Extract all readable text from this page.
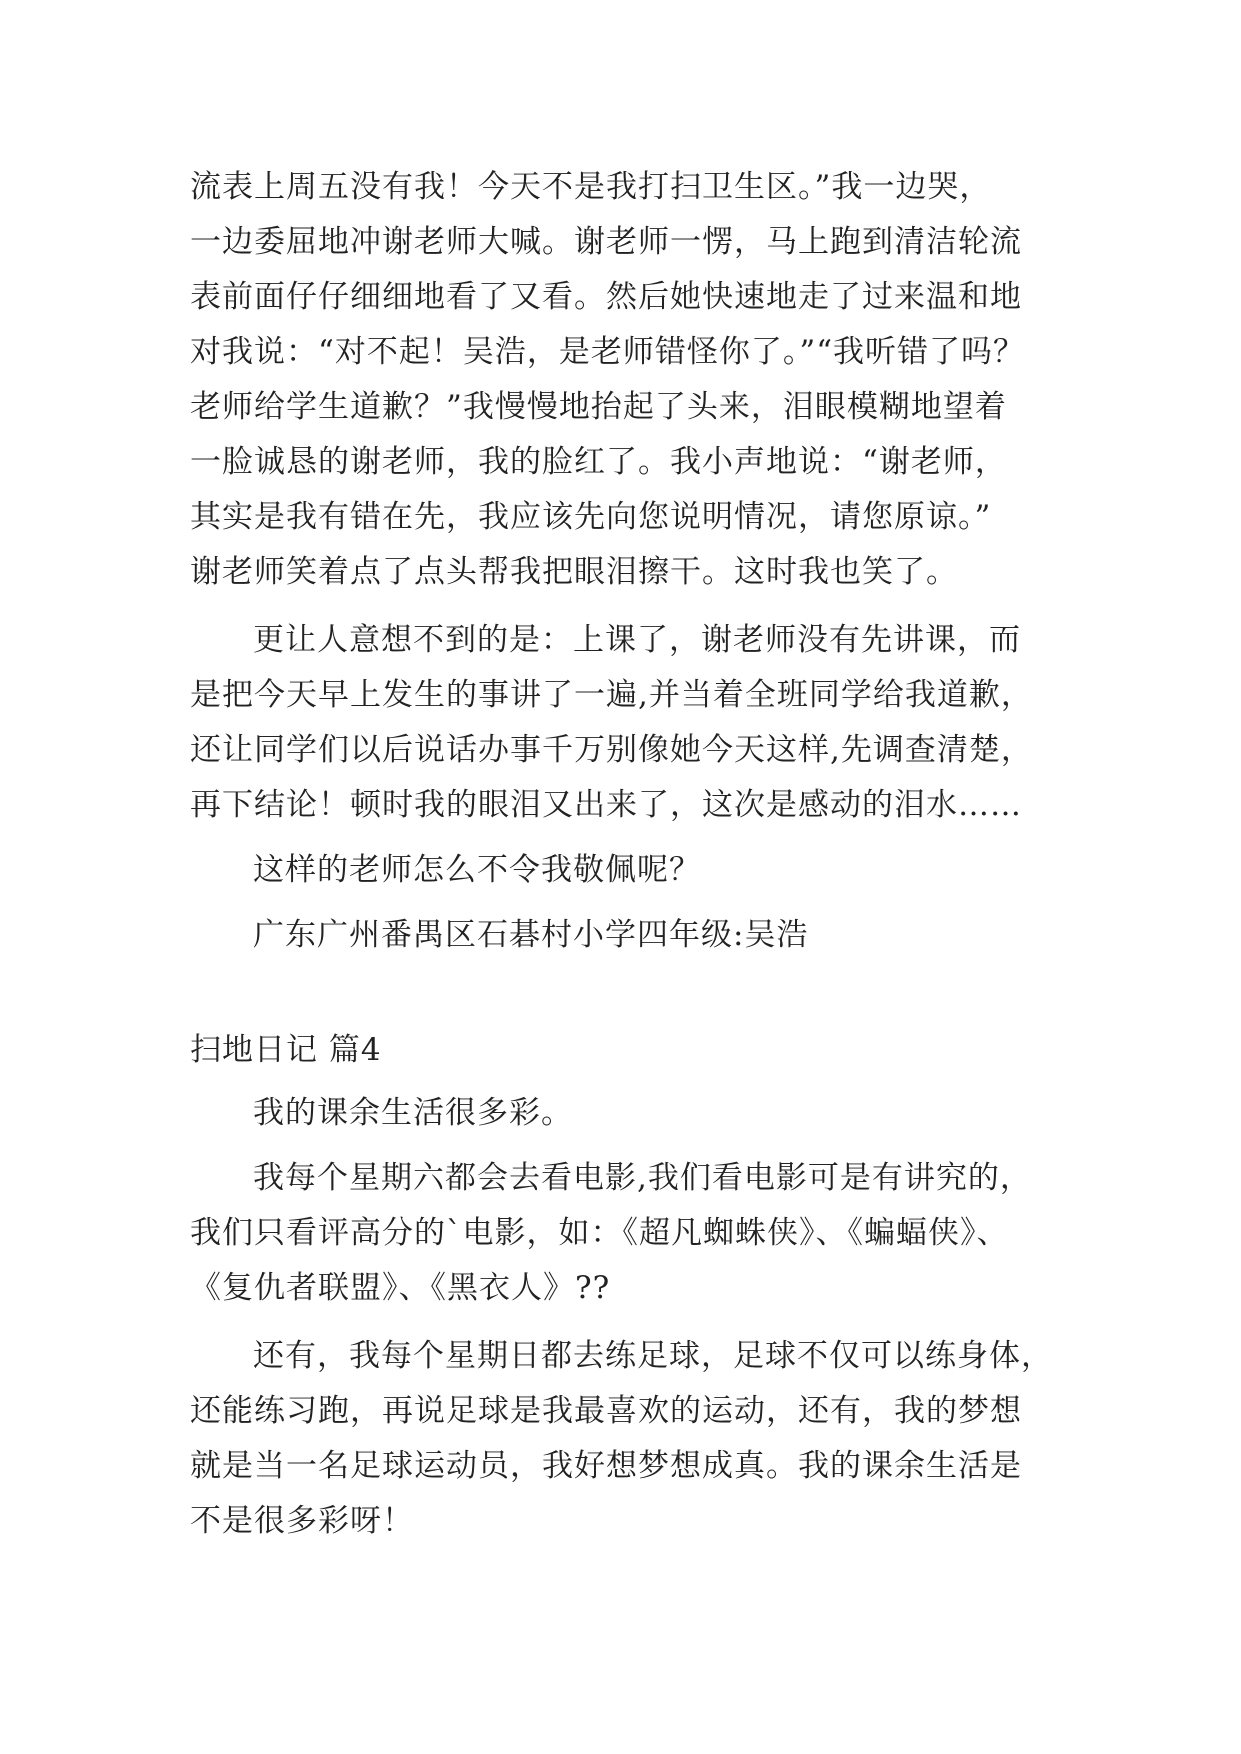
流表上周五没有我！今天不是我打扫卫生区。”我一边哭，
一边委屈地冲谢老师大喊。谢老师一愣，马上跑到清洁轮流
表前面仔仔细细地看了又看。然后她快速地走了过来温和地
对我说：“对不起！吴浩，是老师错怪你了。”“我听错了吗？
老师给学生道歉？”我慢慢地抬起了头来，泪眼模糊地望着
一脸诚恳的谢老师，我的脸红了。我小声地说：“谢老师，
其实是我有错在先，我应该先向您说明情况，请您原谅。”
谢老师笑着点了点头帮我把眼泪擦干。这时我也笑了。
更让人意想不到的是：上课了，谢老师没有先讲课，而
是把今天早上发生的事讲了一遍,并当着全班同学给我道歉，
还让同学们以后说话办事千万别像她今天这样,先调查清楚，
再下结论！顿时我的眼泪又出来了，这次是感动的泪水……
这样的老师怎么不令我敬佩呢？
广东广州番禺区石碁村小学四年级:吴浩
扫地日记 篇4
我的课余生活很多彩。
我每个星期六都会去看电影,我们看电影可是有讲究的，
我们只看评高分的`电影，如：《超凡蜘蛛侠》、《蝙蝠侠》、
《复仇者联盟》、《黑衣人》??
还有，我每个星期日都去练足球，足球不仅可以练身体，
还能练习跑，再说足球是我最喜欢的运动，还有，我的梦想
就是当一名足球运动员，我好想梦想成真。我的课余生活是
不是很多彩呀！
